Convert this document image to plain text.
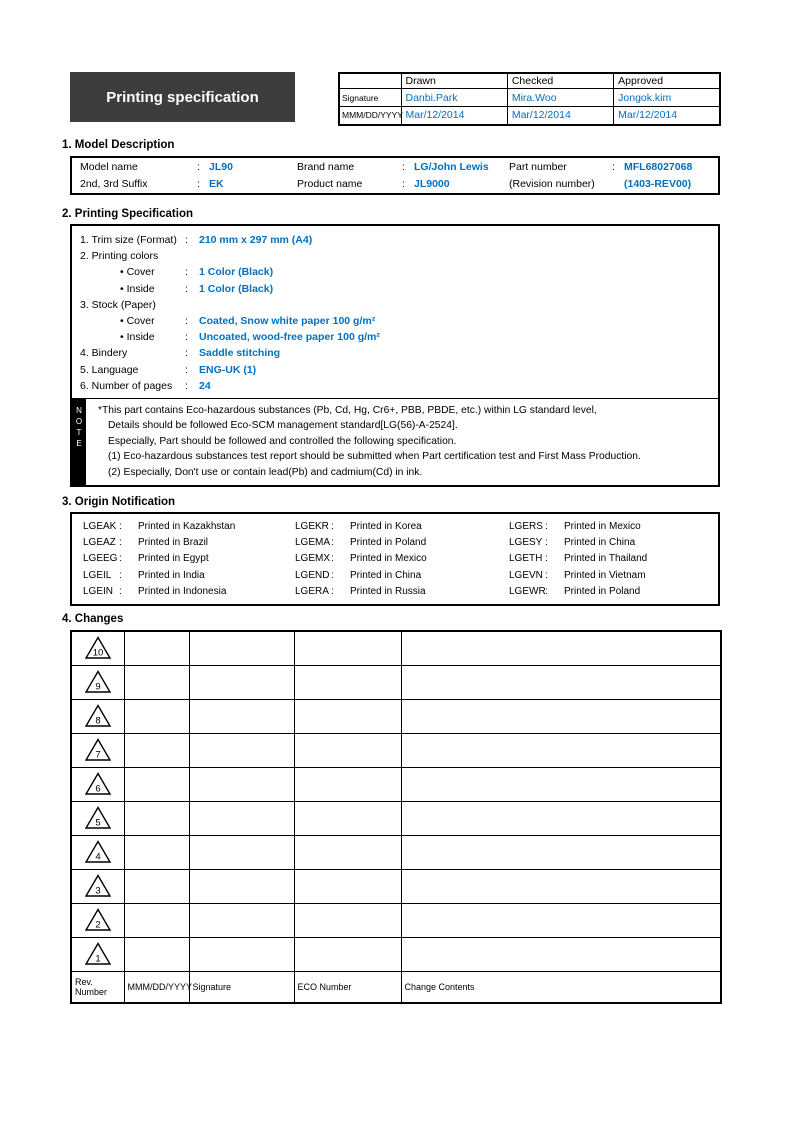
Printing specification
	Drawn	Checked	Approved
Signature	Danbi.Park	Mira.Woo	Jongok.kim
MMM/DD/YYYY	Mar/12/2014	Mar/12/2014	Mar/12/2014
1. Model Description
Model name	: JL90	Brand name	: LG/John Lewis	Part number	: MFL68027068
2nd, 3rd Suffix	: EK	Product name	: JL9000	(Revision number)	(1403-REV00)
2. Printing Specification
1. Trim size (Format) :	210 mm x 297 mm (A4)
2. Printing colors
• Cover	:	1 Color (Black)
• Inside	:	1 Color (Black)
3. Stock (Paper)
• Cover	:	Coated, Snow white paper 100 g/m²
• Inside	:	Uncoated, wood-free paper 100 g/m²
4. Bindery	:	Saddle stitching
5. Language	:	ENG-UK (1)
6. Number of pages	:	24
N
O
T
E
*This part contains Eco-hazardous substances (Pb, Cd, Hg, Cr6+, PBB, PBDE, etc.) within LG standard level,
Details should be followed Eco-SCM management standard[LG(56)-A-2524].
Especially, Part should be followed and controlled the following specification.
(1) Eco-hazardous substances test report should be submitted when Part certification test and First Mass Production.
(2) Especially, Don't use or contain lead(Pb) and cadmium(Cd) in ink.
3. Origin Notification
LGEAK :	Printed in Kazakhstan	LGEKR :	Printed in Korea	LGERS :	Printed in Mexico
LGEAZ :	Printed in Brazil	LGEMA :	Printed in Poland	LGESY :	Printed in China
LGEEG :	Printed in Egypt	LGEMX :	Printed in Mexico	LGETH :	Printed in Thailand
LGEIL :	Printed in India	LGEND :	Printed in China	LGEVN :	Printed in Vietnam
LGEIN :	Printed in Indonesia	LGERA :	Printed in Russia	LGEWR :	Printed in Poland
4. Changes
10				

9				

8				

7				

6				

5				

4				

3				

2				

1				

Rev. Number	MMM/DD/YYYY	Signature	ECO Number	Change Contents
